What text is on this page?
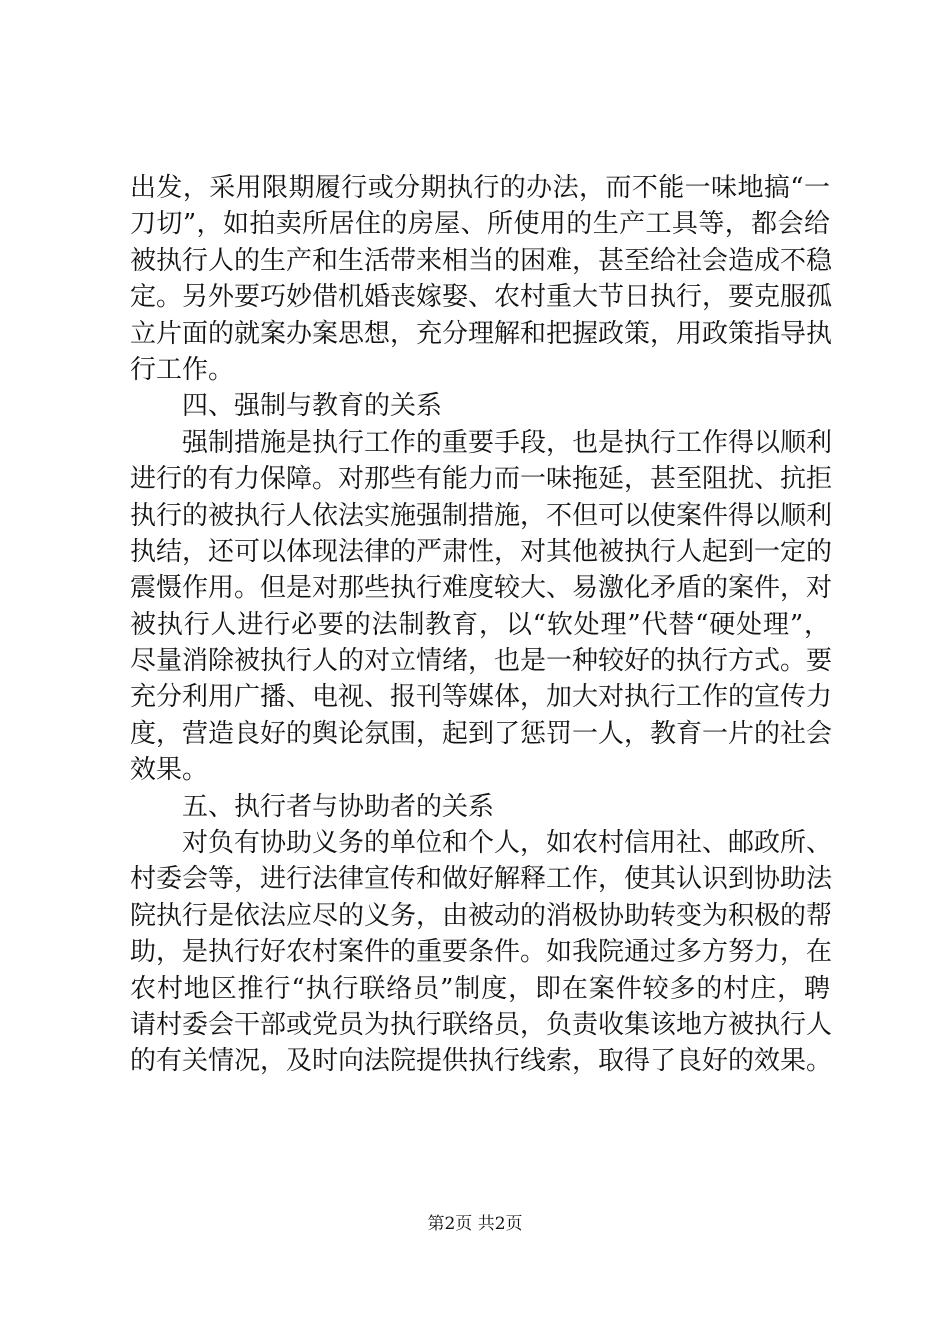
出发，采用限期履行或分期执行的办法，而不能一味地搞“一
刀切”，如拍卖所居住的房屋、所使用的生产工具等，都会给
被执行人的生产和生活带来相当的困难，甚至给社会造成不稳
定。另外要巧妙借机婚丧嫁娶、农村重大节日执行，要克服孤
立片面的就案办案思想，充分理解和把握政策，用政策指导执
行工作。
四、强制与教育的关系
强制措施是执行工作的重要手段，也是执行工作得以顺利
进行的有力保障。对那些有能力而一味拖延，甚至阻扰、抗拒
执行的被执行人依法实施强制措施，不但可以使案件得以顺利
执结，还可以体现法律的严肃性，对其他被执行人起到一定的
震慑作用。但是对那些执行难度较大、易激化矛盾的案件，对
被执行人进行必要的法制教育，以“软处理”代替“硬处理”，
尽量消除被执行人的对立情绪，也是一种较好的执行方式。要
充分利用广播、电视、报刊等媒体，加大对执行工作的宣传力
度，营造良好的舆论氛围，起到了惩罚一人，教育一片的社会
效果。
五、执行者与协助者的关系
对负有协助义务的单位和个人，如农村信用社、邮政所、
村委会等，进行法律宣传和做好解释工作，使其认识到协助法
院执行是依法应尽的义务，由被动的消极协助转变为积极的帮
助，是执行好农村案件的重要条件。如我院通过多方努力，在
农村地区推行“执行联络员”制度，即在案件较多的村庄，聘
请村委会干部或党员为执行联络员，负责收集该地方被执行人
的有关情况，及时向法院提供执行线索，取得了良好的效果。
第2页 共2页
